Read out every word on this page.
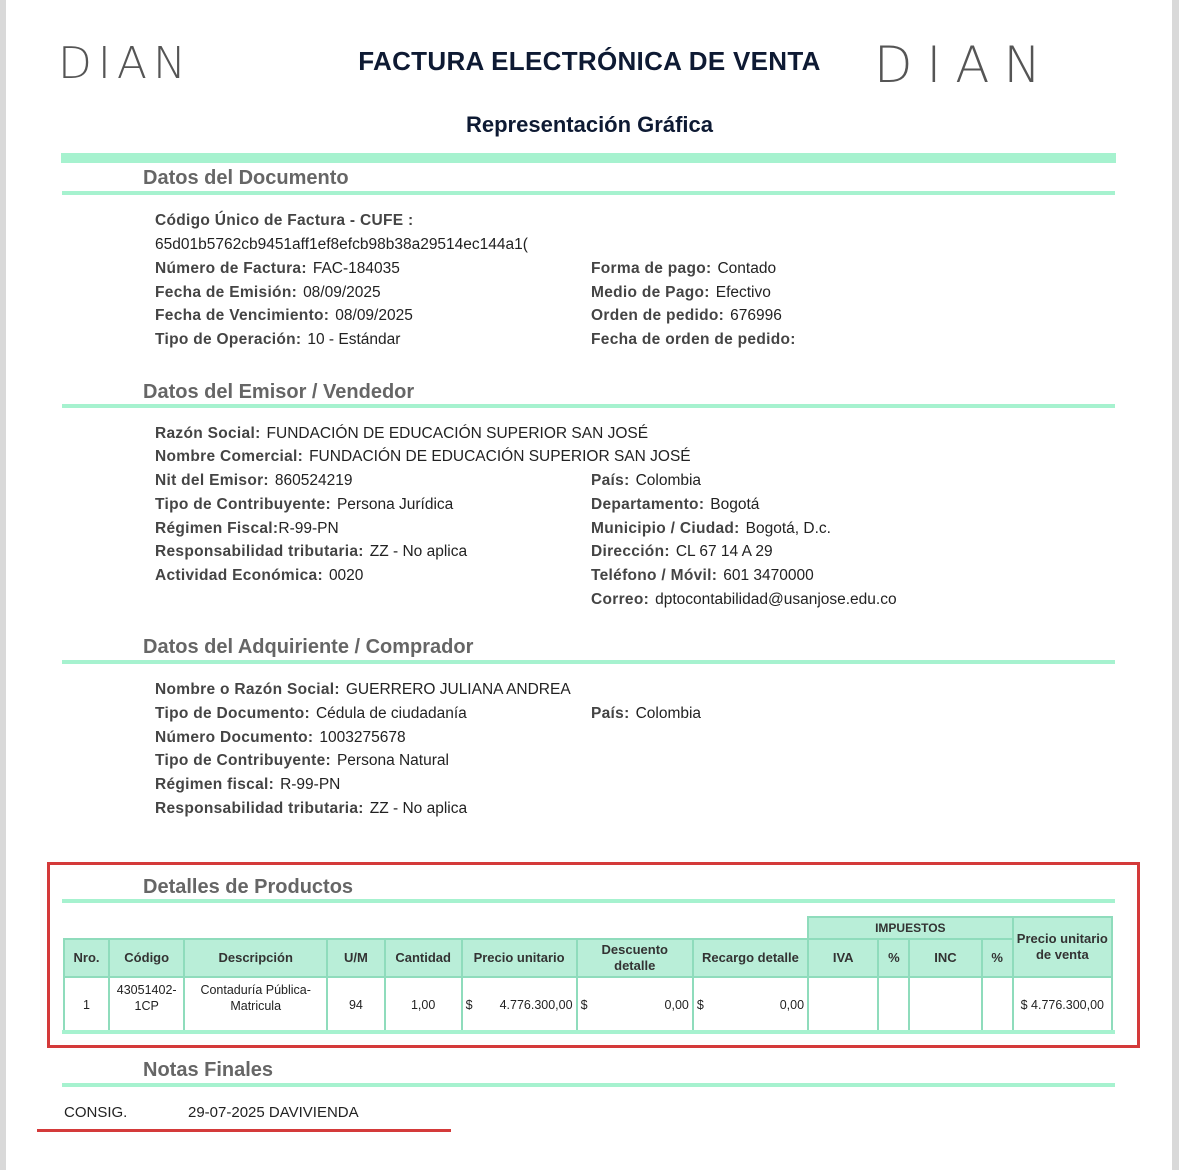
DIAN	DIAN
FACTURA ELECTRÓNICA DE VENTA
Representación Gráfica
Datos del Documento
Código Único de Factura - CUFE :
65d01b5762cb9451aff1ef8efcb98b38a29514ec144a1(
Número de Factura: FAC-184035
Fecha de Emisión: 08/09/2025
Fecha de Vencimiento: 08/09/2025
Tipo de Operación: 10 - Estándar
Forma de pago: Contado
Medio de Pago: Efectivo
Orden de pedido: 676996
Fecha de orden de pedido:
Datos del Emisor / Vendedor
Razón Social: FUNDACIÓN DE EDUCACIÓN SUPERIOR SAN JOSÉ
Nombre Comercial: FUNDACIÓN DE EDUCACIÓN SUPERIOR SAN JOSÉ
Nit del Emisor: 860524219
Tipo de Contribuyente: Persona Jurídica
Régimen Fiscal:R-99-PN
Responsabilidad tributaria: ZZ - No aplica
Actividad Económica: 0020
País: Colombia
Departamento: Bogotá
Municipio / Ciudad: Bogotá, D.c.
Dirección: CL 67 14 A 29
Teléfono / Móvil: 601 3470000
Correo: dptocontabilidad@usanjose.edu.co
Datos del Adquiriente / Comprador
Nombre o Razón Social: GUERRERO JULIANA ANDREA
Tipo de Documento: Cédula de ciudadanía
Número Documento: 1003275678
Tipo de Contribuyente: Persona Natural
Régimen fiscal: R-99-PN
Responsabilidad tributaria: ZZ - No aplica
País: Colombia
Detalles de Productos
								IMPUESTOS				Precio unitario de venta
Nro.	Código	Descripción	U/M	Cantidad	Precio unitario	Descuento detalle	Recargo detalle	IVA	%	INC	%	
1	43051402-1CP	Contaduría Pública-Matricula	94	1,00	$ 4.776.300,00	$ 0,00	$ 0,00					$ 4.776.300,00
Notas Finales
CONSIG.	29-07-2025 DAVIVIENDA
